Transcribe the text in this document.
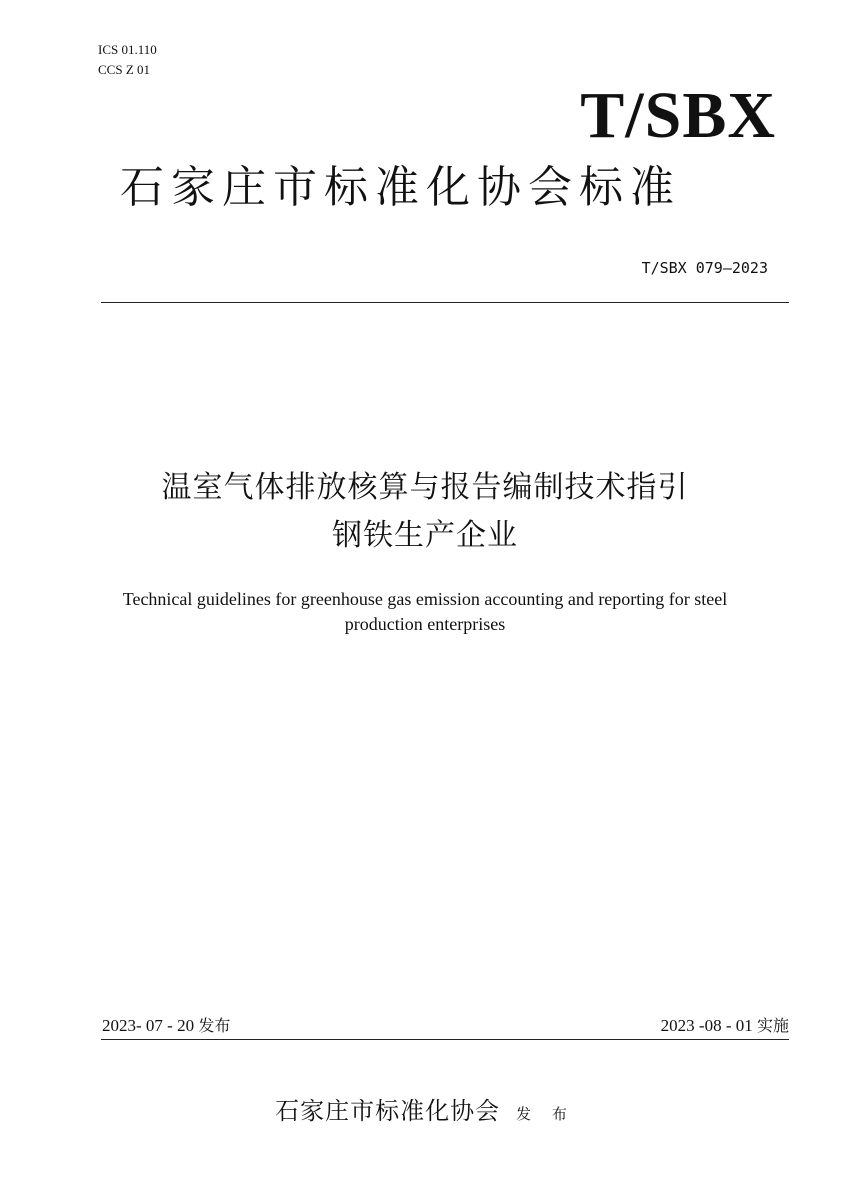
ICS 01.110
CCS Z 01
T/SBX
石家庄市标准化协会标准
T/SBX 079—2023
温室气体排放核算与报告编制技术指引
钢铁生产企业
Technical guidelines for greenhouse gas emission accounting and reporting for steel
production enterprises
2023- 07 - 20 发布	2023 -08 - 01 实施
石家庄市标准化协会 发 布
